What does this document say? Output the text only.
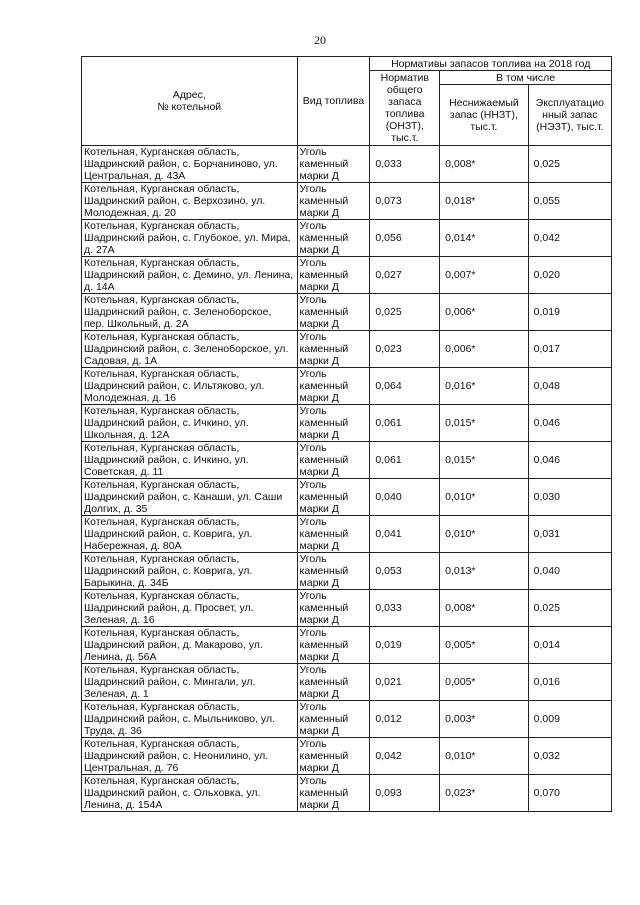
20
Адрес,
№ котельной	Вид топлива	Нормативы запасов топлива на 2018 год		
		Норматив общего запаса топлива (ОНЗТ), тыс.т.	В том числе	
			Неснижаемый запас (ННЗТ), тыс.т.	Эксплуатацио нный запас (НЭЗТ), тыс.т.
Котельная, Курганская область, Шадринский район, с. Борчаниново, ул. Центральная, д. 43А	Уголь каменный марки Д	0,033	0,008*	0,025
Котельная, Курганская область, Шадринский район, с. Верхозино, ул. Молодежная, д. 20	Уголь каменный марки Д	0,073	0,018*	0,055
Котельная, Курганская область, Шадринский район, с. Глубокое, ул. Мира, д. 27А	Уголь каменный марки Д	0,056	0,014*	0,042
Котельная, Курганская область, Шадринский район, с. Демино, ул. Ленина, д. 14А	Уголь каменный марки Д	0,027	0,007*	0,020
Котельная, Курганская область, Шадринский район, с. Зеленоборское, пер. Школьный, д. 2А	Уголь каменный марки Д	0,025	0,006*	0,019
Котельная, Курганская область, Шадринский район, с. Зеленоборское, ул. Садовая, д. 1А	Уголь каменный марки Д	0,023	0,006*	0,017
Котельная, Курганская область, Шадринский район, с. Ильтяково, ул. Молодежная, д. 16	Уголь каменный марки Д	0,064	0,016*	0,048
Котельная, Курганская область, Шадринский район, с. Ичкино, ул. Школьная, д. 12А	Уголь каменный марки Д	0,061	0,015*	0,046
Котельная, Курганская область, Шадринский район, с. Ичкино, ул. Советская, д. 11	Уголь каменный марки Д	0,061	0,015*	0,046
Котельная, Курганская область, Шадринский район, с. Канаши, ул. Саши Долгих, д. 35	Уголь каменный марки Д	0,040	0,010*	0,030
Котельная, Курганская область, Шадринский район, с. Коврига, ул. Набережная, д. 80А	Уголь каменный марки Д	0,041	0,010*	0,031
Котельная, Курганская область, Шадринский район, с. Коврига, ул. Барыкина, д. 34Б	Уголь каменный марки Д	0,053	0,013*	0,040
Котельная, Курганская область, Шадринский район, д. Просвет, ул. Зеленая, д. 16	Уголь каменный марки Д	0,033	0,008*	0,025
Котельная, Курганская область, Шадринский район, д. Макарово, ул. Ленина, д. 56А	Уголь каменный марки Д	0,019	0,005*	0,014
Котельная, Курганская область, Шадринский район, с. Мингали, ул. Зеленая, д. 1	Уголь каменный марки Д	0,021	0,005*	0,016
Котельная, Курганская область, Шадринский район, с. Мыльниково, ул. Труда, д. 36	Уголь каменный марки Д	0,012	0,003*	0,009
Котельная, Курганская область, Шадринский район, с. Неонилино, ул. Центральная, д. 76	Уголь каменный марки Д	0,042	0,010*	0,032
Котельная, Курганская область, Шадринский район, с. Ольховка, ул. Ленина, д. 154А	Уголь каменный марки Д	0,093	0,023*	0,070
